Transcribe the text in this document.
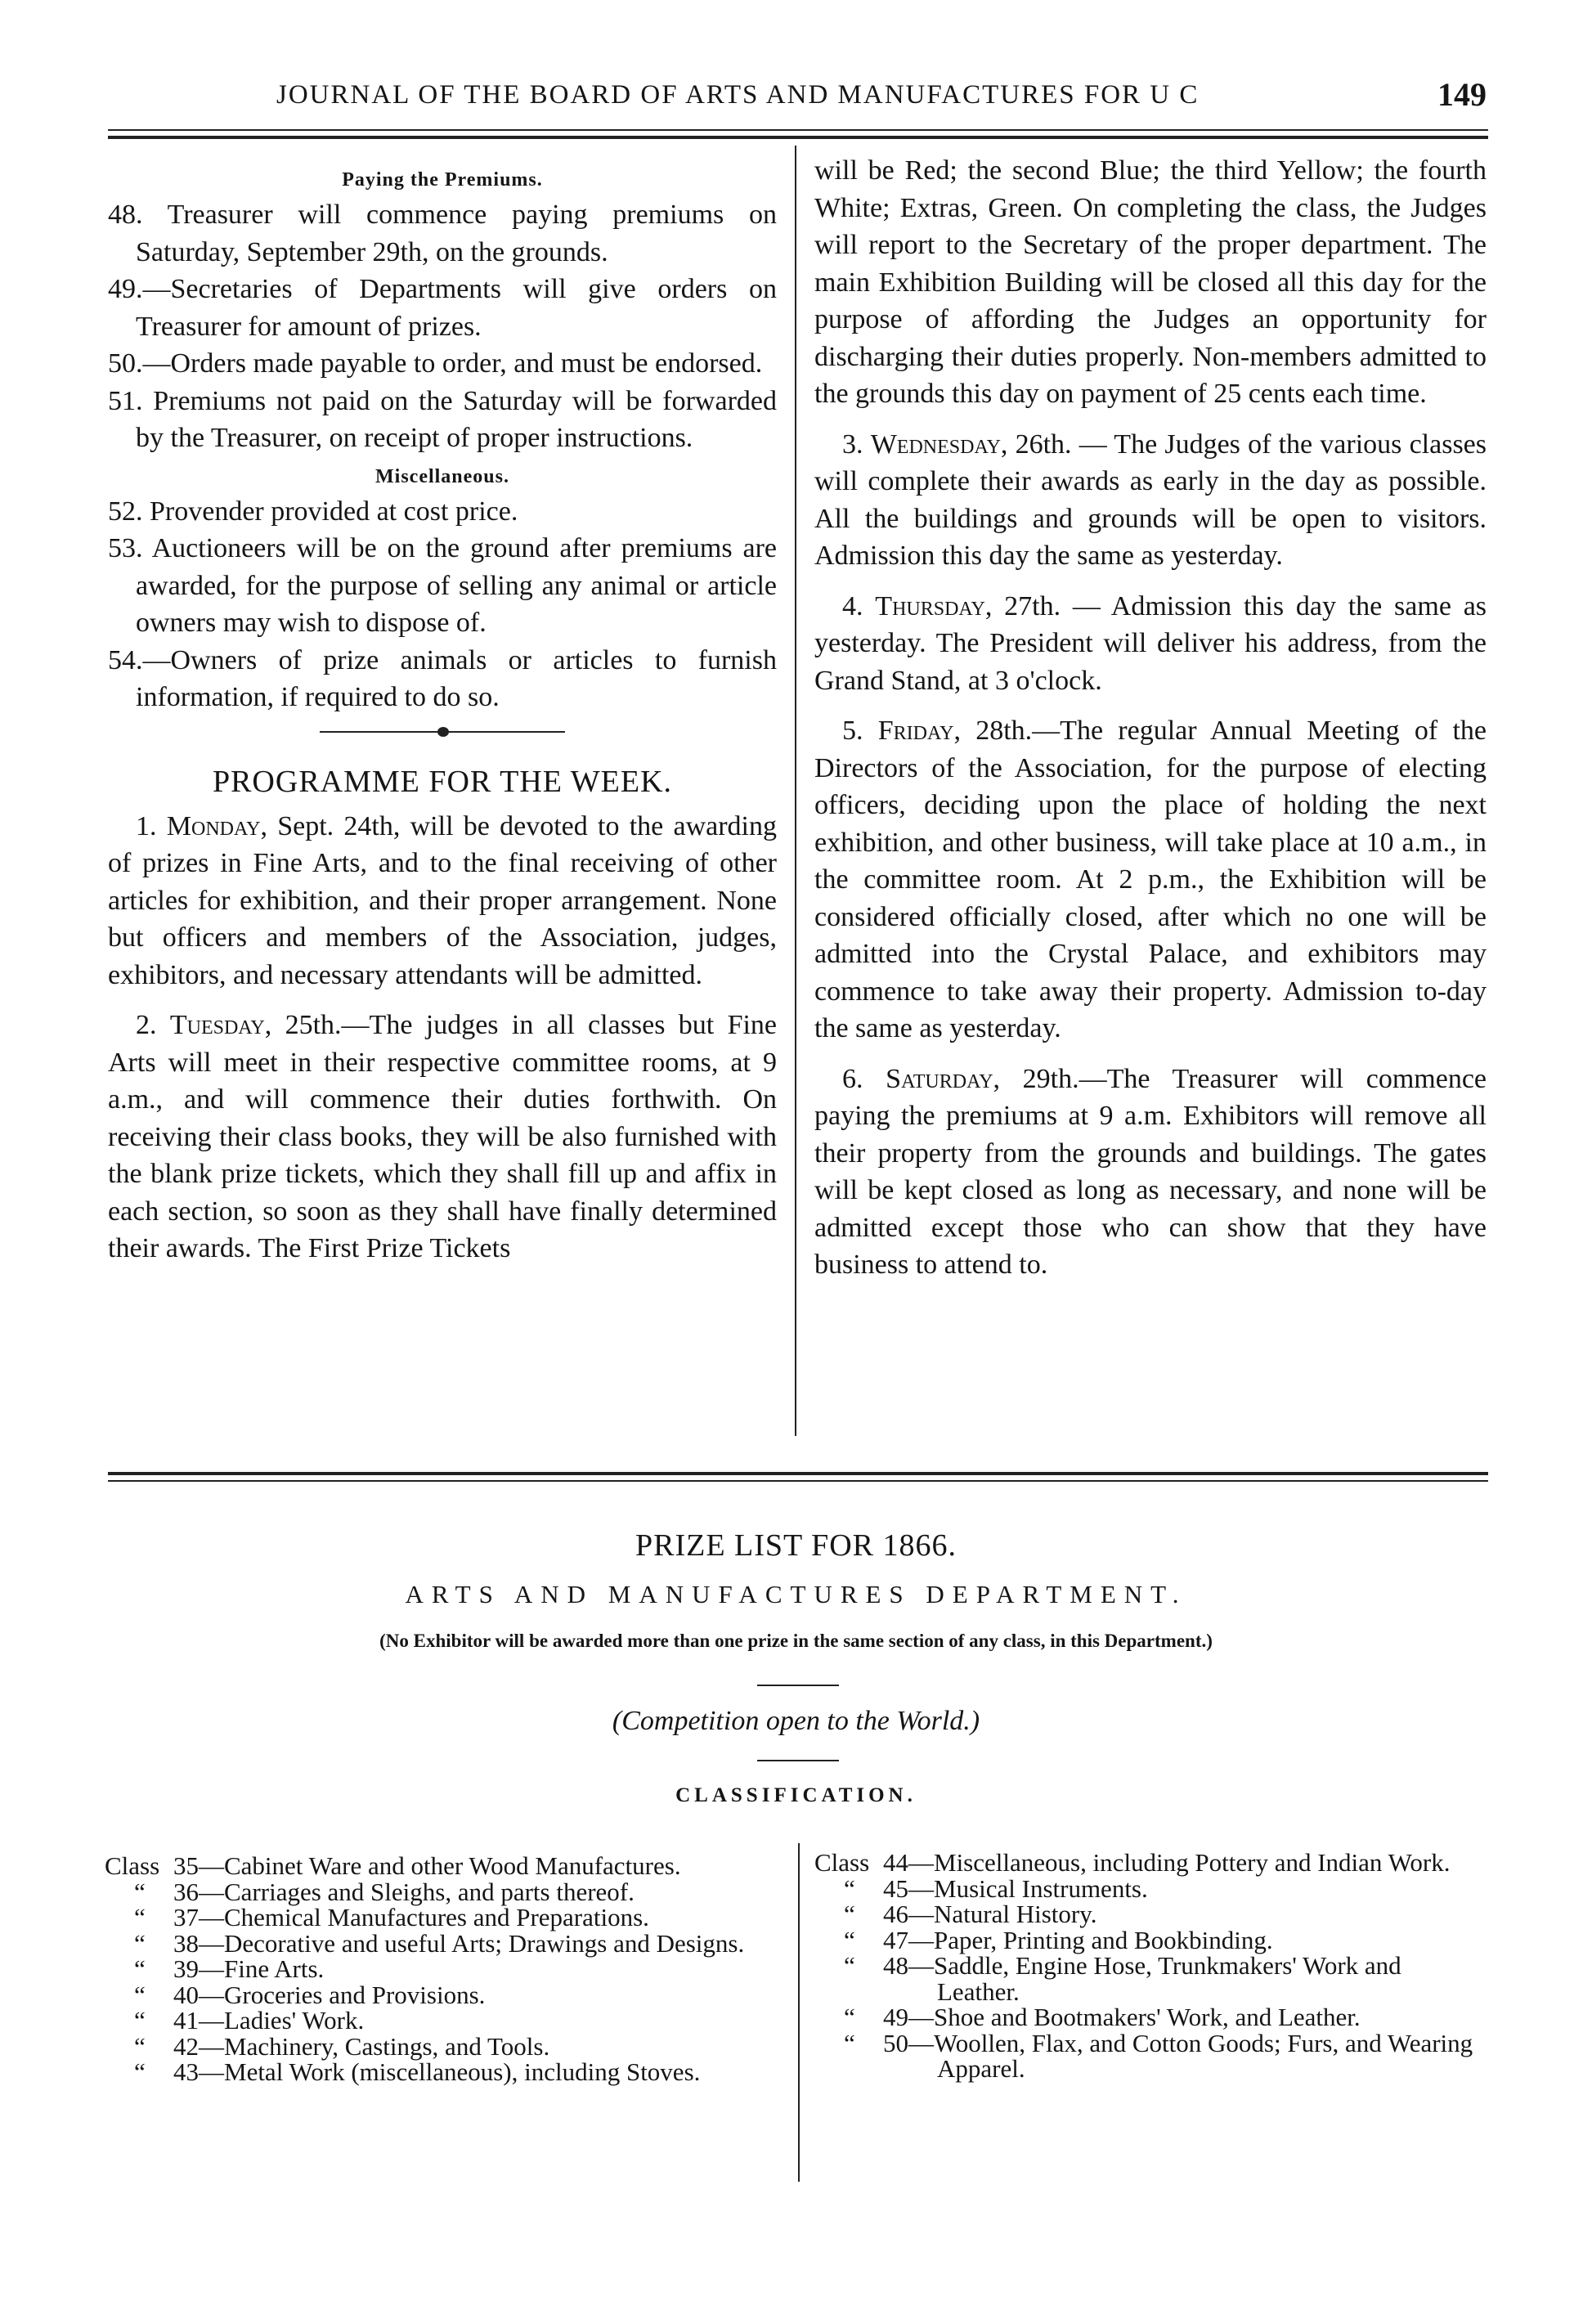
JOURNAL OF THE BOARD OF ARTS AND MANUFACTURES FOR U C	149

Paying the Premiums.

48. Treasurer will commence paying premiums on Saturday, September 29th, on the grounds.

49.—Secretaries of Departments will give orders on Treasurer for amount of prizes.

50.—Orders made payable to order, and must be endorsed.

51. Premiums not paid on the Saturday will be forwarded by the Treasurer, on receipt of proper instructions.

Miscellaneous.

52. Provender provided at cost price.

53. Auctioneers will be on the ground after premiums are awarded, for the purpose of selling any animal or article owners may wish to dispose of.

54.—Owners of prize animals or articles to furnish information, if required to do so.

PROGRAMME FOR THE WEEK.

1. Monday, Sept. 24th, will be devoted to the awarding of prizes in Fine Arts, and to the final receiving of other articles for exhibition, and their proper arrangement. None but officers and members of the Association, judges, exhibitors, and necessary attendants will be admitted.

2. Tuesday, 25th.—The judges in all classes but Fine Arts will meet in their respective committee rooms, at 9 a.m., and will commence their duties forthwith. On receiving their class books, they will be also furnished with the blank prize tickets, which they shall fill up and affix in each section, so soon as they shall have finally determined their awards. The First Prize Tickets

will be Red; the second Blue; the third Yellow; the fourth White; Extras, Green. On completing the class, the Judges will report to the Secretary of the proper department. The main Exhibition Building will be closed all this day for the purpose of affording the Judges an opportunity for discharging their duties properly. Non-members admitted to the grounds this day on payment of 25 cents each time.

3. Wednesday, 26th. — The Judges of the various classes will complete their awards as early in the day as possible. All the buildings and grounds will be open to visitors. Admission this day the same as yesterday.

4. Thursday, 27th. — Admission this day the same as yesterday. The President will deliver his address, from the Grand Stand, at 3 o'clock.

5. Friday, 28th.—The regular Annual Meeting of the Directors of the Association, for the purpose of electing officers, deciding upon the place of holding the next exhibition, and other business, will take place at 10 a.m., in the committee room. At 2 p.m., the Exhibition will be considered officially closed, after which no one will be admitted into the Crystal Palace, and exhibitors may commence to take away their property. Admission to-day the same as yesterday.

6. Saturday, 29th.—The Treasurer will commence paying the premiums at 9 a.m. Exhibitors will remove all their property from the grounds and buildings. The gates will be kept closed as long as necessary, and none will be admitted except those who can show that they have business to attend to.

PRIZE LIST FOR 1866.
ARTS AND MANUFACTURES DEPARTMENT.
(No Exhibitor will be awarded more than one prize in the same section of any class, in this Department.)
(Competition open to the World.)
CLASSIFICATION.
Class 35—Cabinet Ware and other Wood Manufactures.
“ 36—Carriages and Sleighs, and parts thereof.
“ 37—Chemical Manufactures and Preparations.
“ 38—Decorative and useful Arts; Drawings and Designs.
“ 39—Fine Arts.
“ 40—Groceries and Provisions.
“ 41—Ladies' Work.
“ 42—Machinery, Castings, and Tools.
“ 43—Metal Work (miscellaneous), including Stoves.
Class 44—Miscellaneous, including Pottery and Indian Work.
“ 45—Musical Instruments.
“ 46—Natural History.
“ 47—Paper, Printing and Bookbinding.
“ 48—Saddle, Engine Hose, Trunkmakers' Work and Leather.
“ 49—Shoe and Bootmakers' Work, and Leather.
“ 50—Woollen, Flax, and Cotton Goods; Furs, and Wearing Apparel.
